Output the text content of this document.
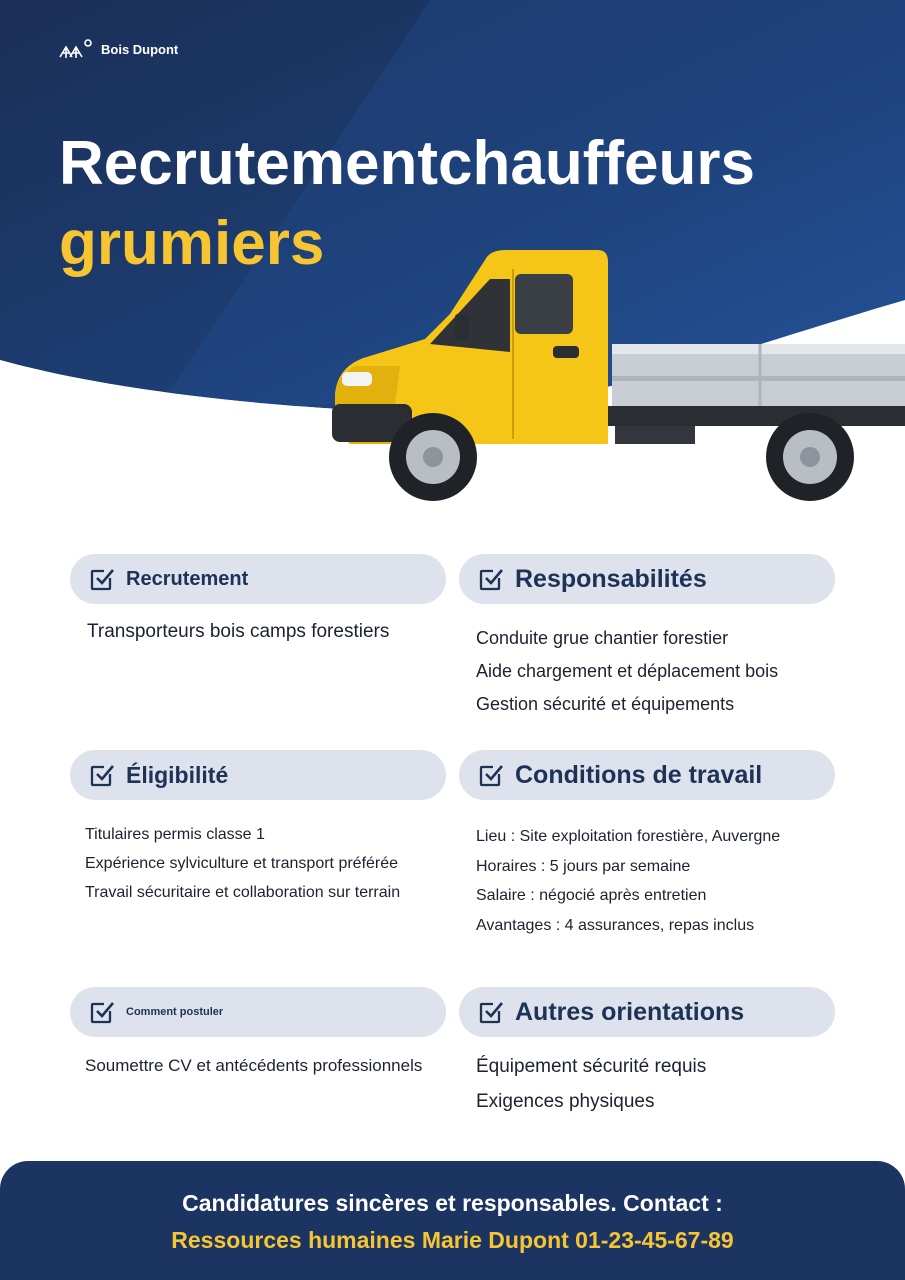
Bois Dupont
Recrutementchauffeurs
grumiers
Recrutement
Transporteurs bois camps forestiers
Responsabilités
Conduite grue chantier forestier
Aide chargement et déplacement bois
Gestion sécurité et équipements
Éligibilité
Titulaires permis classe 1
Expérience sylviculture et transport préférée
Travail sécuritaire et collaboration sur terrain
Conditions de travail
Lieu : Site exploitation forestière, Auvergne
Horaires : 5 jours par semaine
Salaire : négocié après entretien
Avantages : 4 assurances, repas inclus
Comment postuler
Soumettre CV et antécédents professionnels
Autres orientations
Équipement sécurité requis
Exigences physiques
Candidatures sincères et responsables. Contact :
Ressources humaines Marie Dupont 01-23-45-67-89
